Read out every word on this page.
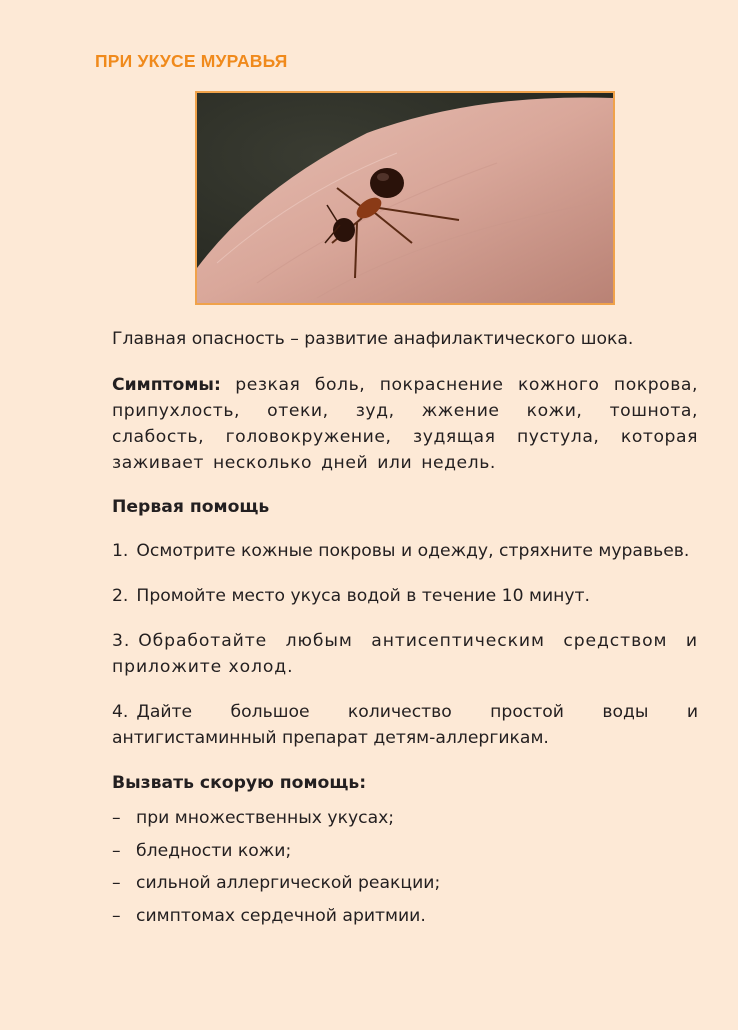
ПРИ УКУСЕ МУРАВЬЯ

Главная опасность – развитие анафилактического шока.

Симптомы: резкая боль, покраснение кожного покрова, припухлость, отеки, зуд, жжение кожи, тошнота, слабость, головокружение, зудящая пустула, которая заживает несколько дней или недель.

Первая помощь

1. Осмотрите кожные покровы и одежду, стряхните муравьев.

2. Промойте место укуса водой в течение 10 минут.

3. Обработайте любым антисептическим средством и приложите холод.

4. Дайте большое количество простой воды и антигистаминный препарат детям-аллергикам.

Вызвать скорую помощь:

– при множественных укусах;
– бледности кожи;
– сильной аллергической реакции;
– симптомах сердечной аритмии.
